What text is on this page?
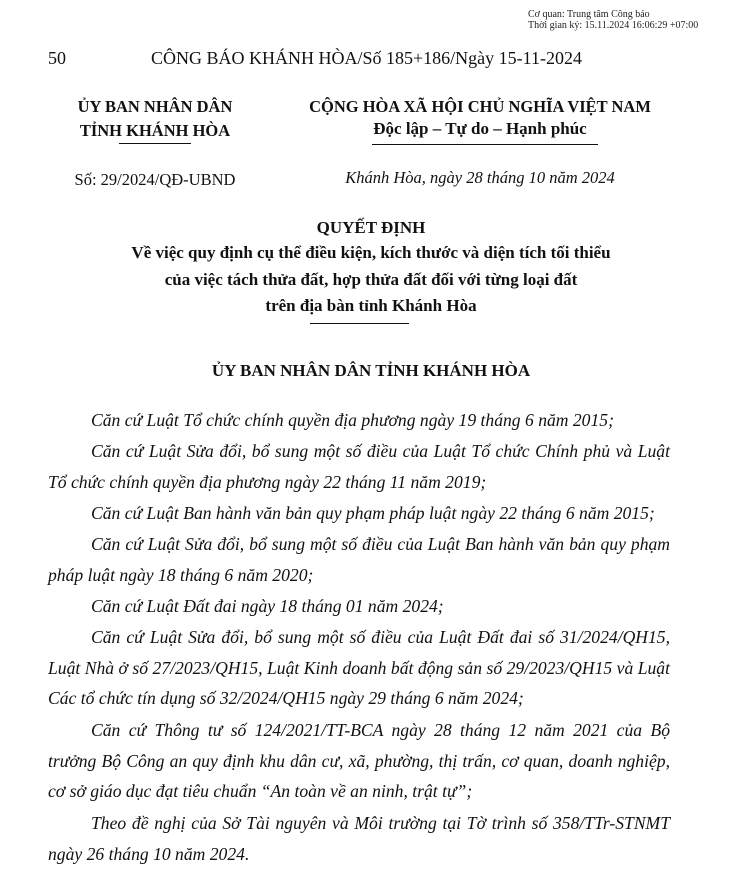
Cơ quan: Trung tâm Công báo
Thời gian ký: 15.11.2024 16:06:29 +07:00
50	CÔNG BÁO KHÁNH HÒA/Số 185+186/Ngày 15-11-2024
ỦY BAN NHÂN DÂN
TỈNH KHÁNH HÒA
Số: 29/2024/QĐ-UBND
CỘNG HÒA XÃ HỘI CHỦ NGHĨA VIỆT NAM
Độc lập – Tự do – Hạnh phúc
Khánh Hòa, ngày 28 tháng 10 năm 2024
QUYẾT ĐỊNH
Về việc quy định cụ thể điều kiện, kích thước và diện tích tối thiểu
của việc tách thửa đất, hợp thửa đất đối với từng loại đất
trên địa bàn tỉnh Khánh Hòa
ỦY BAN NHÂN DÂN TỈNH KHÁNH HÒA
Căn cứ Luật Tổ chức chính quyền địa phương ngày 19 tháng 6 năm 2015;
Căn cứ Luật Sửa đổi, bổ sung một số điều của Luật Tổ chức Chính phủ và Luật Tổ chức chính quyền địa phương ngày 22 tháng 11 năm 2019;
Căn cứ Luật Ban hành văn bản quy phạm pháp luật ngày 22 tháng 6 năm 2015;
Căn cứ Luật Sửa đổi, bổ sung một số điều của Luật Ban hành văn bản quy phạm pháp luật ngày 18 tháng 6 năm 2020;
Căn cứ Luật Đất đai ngày 18 tháng 01 năm 2024;
Căn cứ Luật Sửa đổi, bổ sung một số điều của Luật Đất đai số 31/2024/QH15, Luật Nhà ở số 27/2023/QH15, Luật Kinh doanh bất động sản số 29/2023/QH15 và Luật Các tổ chức tín dụng số 32/2024/QH15 ngày 29 tháng 6 năm 2024;
Căn cứ Thông tư số 124/2021/TT-BCA ngày 28 tháng 12 năm 2021 của Bộ trưởng Bộ Công an quy định khu dân cư, xã, phường, thị trấn, cơ quan, doanh nghiệp, cơ sở giáo dục đạt tiêu chuẩn “An toàn về an ninh, trật tự”;
Theo đề nghị của Sở Tài nguyên và Môi trường tại Tờ trình số 358/TTr-STNMT ngày 26 tháng 10 năm 2024.
